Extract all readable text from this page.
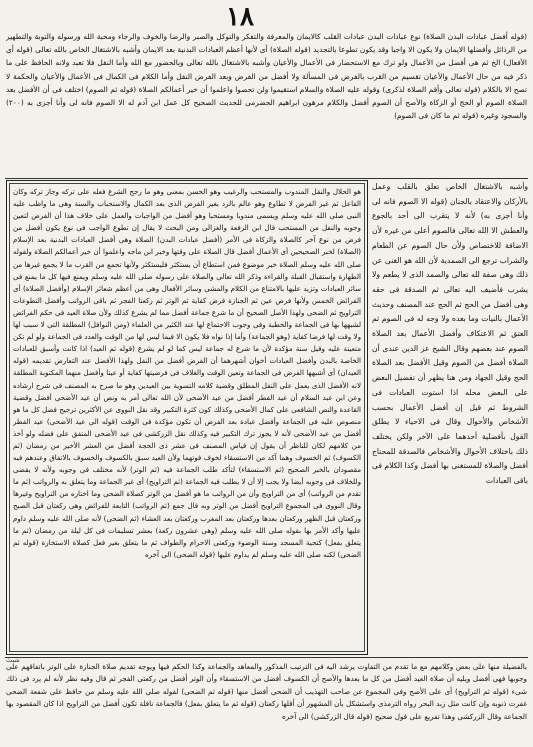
١٨

(قوله أفضل عبادات البدن الصلاة) نوع عبادات البدن عبادات القلب كالايمان والمعرفة والتفكر والتوكل والصبر والرضا والخوف والرجاء ومحبة الله ورسوله والتوبة والتطهير من الرذائل وأفضلها الايمان ولا يكون الا واجبا وقد يكون تطوعا بالتجديد (قوله الصلاة) أى لأنها أعظم العبادات البدنية بعد الايمان وأشبه بالاشتغال الخاص بالله تعالى (قوله أى الأفعال) الخ ثم هى أفضل من الأعمال ولو ترك مع الاستحضار فى الأعمال والأعيان وأشبه بالاشتغال بالله تعالى وبالحضور مع الله وأما النفل فلا تعبد ولانه الحافظ على ما ذكر فيه من حال الأعمال والأعيان تقسيم من القرب بالفرض فى المسألة ولا أفضل من الفرض وبعد الفرض النفل وأما الكلام فى الكمال فى الأعمال والأعيان والحكمة لا تصح الا بالكلام (قوله تعالى وأقم الصلاة لذكرى) وقوله عليه الصلاة والسلام استقيموا ولن تحصوا واعلموا أن خير أعمالكم الصلاة (قوله ثم الصوم) اختلف فى أن الأفضل بعد الصلاة الصوم أو الحج أو الزكاة والأصح أن الصوم أفضل والكلام مرهون ابراهيم الحضرمى للحديث الصحيح كل عمل ابن آدم له الا الصوم فانه لى وأنا أجزى به (٢٠٠) والسجود وغيره (قوله ثم ما كان فى الصوم)

هو الحلال والنقل المندوب والمستحب والرغيب وهو الحسن بمعنى وهو ما رجح الشرع فعله على تركه وجاز تركه وكان الفاعل ثم غير الفرض لا تطاوع وهو عالم بالرد بغير الفرض الذى بعد الكمال والاستحباب والسنة وهى ما واظب عليه النبى صلى الله عليه وسلم ويسمى مندوبا ومستحبا وهو أفضل من الواجبات والعمل على خلاف هذا أن الفرض لتعين وجوبه والنفل من المستحب قال ابن الرفعة والغزالى ومن البحث لا يقال إن تطوع الواجب فى نوع يكون أفضل من فرض من نوع آخر كالصلاة والزكاة فى الأمر (أفضل عبادات البدن) الصلاة وهى أفضل العبادات البدنية بعد الإسلام (الصلاة) لخبر الصحيحين أى الأعمال أفضل قال الصلاة على وقتها وخبر ابن ماجه واعلموا أن خير أعمالكم الصلاة ولقوله صلى الله عليه وسلم الصلاة خير موضوع فمن استطاع أن يستكثر فليستكثر ولأنها تجمع من القرب ما لا يجمع غيرها من الطهارة واستقبال القبلة والقراءة وذكر الله تعالى والصلاة على رسوله صلى الله عليه وسلم ويمنع فيها كل ما يمنع فى سائر العبادات وتزيد عليها بالامتناع من الكلام والمشى وسائر الأفعال وهى من أعظم شعائر الإسلام (وأفضل الصلاة) أى الفرائض الخمس ولأنها فرض عين ثم الجنازة فرض كفاية ثم الوتر ثم ركعتا الفجر ثم باقى الرواتب وأفضل التطوعات التراويح ثم الضحى ولهذا الأصل الصحيح أن ما شرع جماعة أفضل مما لم يشرع كذلك ولأن صلاة العيد فى حكم الفرائض لشبهها بها فى الجماعة والخطبة وفى وجوب الاجتماع لها عند الكثير من العلماء (ومن النوافل) المطلقة التى لا سبب لها ولا وقت لها فرضا كفاية (وهو الجماعة) وأما إذا نواه فلا يكون الا فيما ليس لها من الوقت والعدد فى الجماعة ولو لم تكن متعينة عليه وقيل سنة مؤكدة لأن ما شرع له جماعة ليس كما لو لم يشرع (قوله ثم العيد) اذا كانت وأسبق للعبادات الخاصة بالبدن وأفضل العبادات أخوان أشهرهما أن الفرض أفضل من النفل ولهذا الأفضل عند التعارض تقديمه (قوله العيدان) أى أشبهها الفرض فى الجماعة وتعين الوقت والغلاف فى فرضيتها كفاية أو عينا وأفضل منهما المكتوبة المطلقة لانه الأفضل الذى يعمل على النفل المطلق وقضية كلامه التسوية بين العيدين وهو ما صرح به المصنف فى شرح ارشاده وعن ابن عبد السلام أن عيد الفطر أفضل من عيد الأضحى لأن الله تعالى أمر به ونص أن عيد الأضحى أفضل وقضية القاعدة والنص الشافعى على كمال الأضحى وكذلك كون كثرة التكبير وقد نقل النووى عن الأكثرين ترجيح فضل كل ما هو منصوص عليه فى الجماعة وأفضل عبادة بعد الفرض أن تكون مؤكدة فى الوقت (قوله الى عيد الأضحى) عيد الفطر أفضل من عيد الأضحى لأنه لا يجوز ترك التكبير فيه وكذلك نقل الزركشى فى عيد الأضحى المتفق على فضله ولو أخذ من كلامهم لكان للناظر أن يقول إن قياس المصنف فى عشر ذى الحجة أفضل من العشر الأخير من رمضان (ثم الكسوف) ثم الخسوف وهما آكد من الاستسقاء لخوف فوتهما ولأن العيد سبق بالكسوف والخسوف بالاتفاق وعندهم فيه مقصودان بالخبر الصحيح (ثم الاستسقاء) لتأكد طلب الجماعة فيه (ثم الوتر) لأنه مختلف فى وجوبه ولأنه لا يقضى وللخلاف فى وجوبه أيضا ولا يجب إلا أن لا يطلب فيه الجماعة (ثم التراويح) أى غير الجماعة وما يتعلق به والرواتب (ثم ما تقدم من الرواتب) أى من التراويح وأن من الرواتب ما هو أفضل من الوتر كصلاة الضحى وما اختاره من التراويح وغيرها وقال النووى فى المجموع التراويح أفضل من الوتر وبه قال جمع (ثم الرواتب) التابعة للفرائض وهى ركعتان قبل الصبح وركعتان قبل الظهر وركعتان بعدها وركعتان بعد المغرب وركعتان بعد العشاء (ثم الضحى) لأنه صلى الله عليه وسلم داوم عليها وأكد الأمر بها بقوله صلى الله عليه وسلم (وهى عشرون ركعة) بعشر تسليمات فى كل ليلة من رمضان (ثم ما يتعلق بفعل) كتحية المسجد وسنة الوضوء وركعتى الاحرام والطواف ثم ما يتعلق بغير فعل كصلاة الاستخارة (قوله ثم الضحى) لكنه صلى الله عليه وسلم لم يداوم عليها (قوله الضحى) الى آخره

وأشبه بالاشتغال الخاص تعلق بالقلب وعمل بالأركان والاعتقاد بالجنان (قوله الا الصوم فانه لى وأنا أجزى به) لأنه لا يتقرب الى أحد بالجوع والعطش الا الله تعالى فالصوم أعلى من غيره لأن الاضافة للاختصاص ولأن حال الصوم عن الطعام والشراب ترجع الى الصمدية لأن الله هو الغنى عن ذلك وهى صفة لله تعالى والصمد الذى لا يطعم ولا يشرب فأضيف اليه تعالى ثم الصدقة فى حقه وهى أفضل من الحج ثم الحج عند المصنف وحديث الأعمال بالنيات وما بعده ولا وجه له فى الصوم ثم العتق ثم الاعتكاف وأفضل الأعمال بعد الصلاة الصوم عند بعضهم وقال الشيخ عز الدين عندى أن الصلاة أفضل من الصوم وقيل الأفضل بعد الصلاة الحج وقيل الجهاد ومن هنا يظهر أن تفضيل البعض على البعض محله اذا استوت العبادات فى الشروط ثم قيل إن أفضل الأعمال بحسب الأشخاص والأحوال وقال فى الاحياء لا يطلق القول بأفضلية أحدهما على الآخر ولكن يختلف ذلك باختلاف الأحوال والأشخاص فالصدقة للمحتاج أفضل والصلاة للمستغنى بها أفضل وكذا الكلام فى باقى العبادات

شبث

بالفضيلة منها على بعض وكلامهم مع ما تقدم من التفاوت يرشد اليه فى الترتيب المذكور والمعاهد والجماعة وكذا الحكم فيها ويوجه تقديم صلاة الجنازة على الوتر باتفاقهم على وجوبها فهى أفضل ويليه أن صلاة العيد أفضل من كل ما بعدها والأصح أن الكسوف أفضل من الاستسقاء وأن الوتر أفضل من ركعتى الفجر ثم قال وفيه نظر لأنه لم يرد فى ذلك شىء (قوله ثم التراويح) أى على الأصح وفى المجموع عن صاحب التهذيب أن الضحى أفضل منها (قوله ثم الضحى) لقوله صلى الله عليه وسلم من حافظ على شفعة الضحى غفرت ذنوبه وإن كانت مثل زبد البحر رواه الترمذى واستشكل بأن المشهور أن أقلها ركعتان (قوله ثم ما يتعلق بفعل) فالجماعة نافلة تكون أفضل من التراويح اذا كان المقصود بها الجماعة وقال الزركشى وهذا تفريع على قول صحيح (قوله قال الزركشى) الى آخره
